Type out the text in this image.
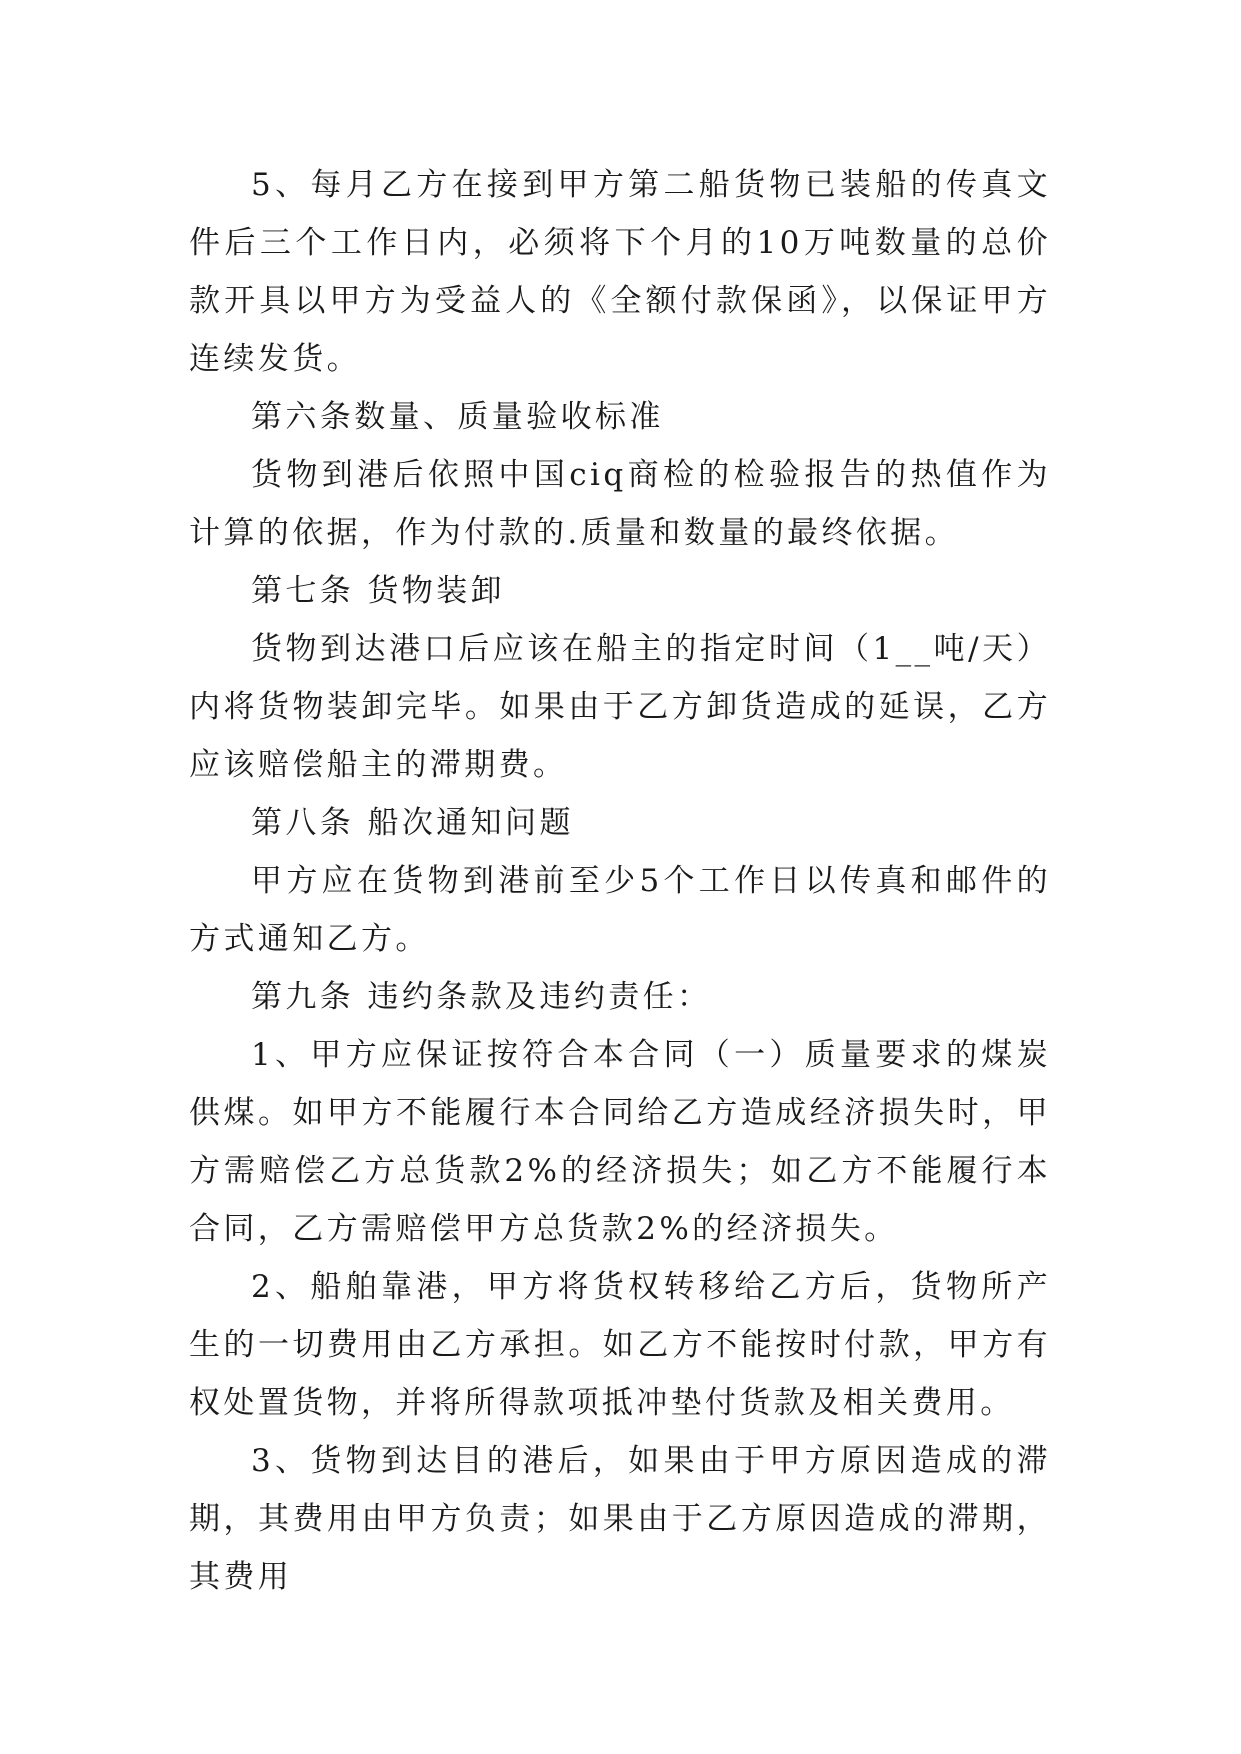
5、每月乙方在接到甲方第二船货物已装船的传真文件后三个工作日内，必须将下个月的10万吨数量的总价款开具以甲方为受益人的《全额付款保函》，以保证甲方连续发货。

第六条数量、质量验收标准

货物到港后依照中国ciq商检的检验报告的热值作为计算的依据，作为付款的.质量和数量的最终依据。

第七条 货物装卸

货物到达港口后应该在船主的指定时间（1__吨/天）内将货物装卸完毕。如果由于乙方卸货造成的延误，乙方应该赔偿船主的滞期费。

第八条 船次通知问题

甲方应在货物到港前至少5个工作日以传真和邮件的方式通知乙方。

第九条 违约条款及违约责任：

1、甲方应保证按符合本合同（一）质量要求的煤炭供煤。如甲方不能履行本合同给乙方造成经济损失时，甲方需赔偿乙方总货款2%的经济损失；如乙方不能履行本合同，乙方需赔偿甲方总货款2%的经济损失。

2、船舶靠港，甲方将货权转移给乙方后，货物所产生的一切费用由乙方承担。如乙方不能按时付款，甲方有权处置货物，并将所得款项抵冲垫付货款及相关费用。

3、货物到达目的港后，如果由于甲方原因造成的滞期，其费用由甲方负责；如果由于乙方原因造成的滞期，其费用
